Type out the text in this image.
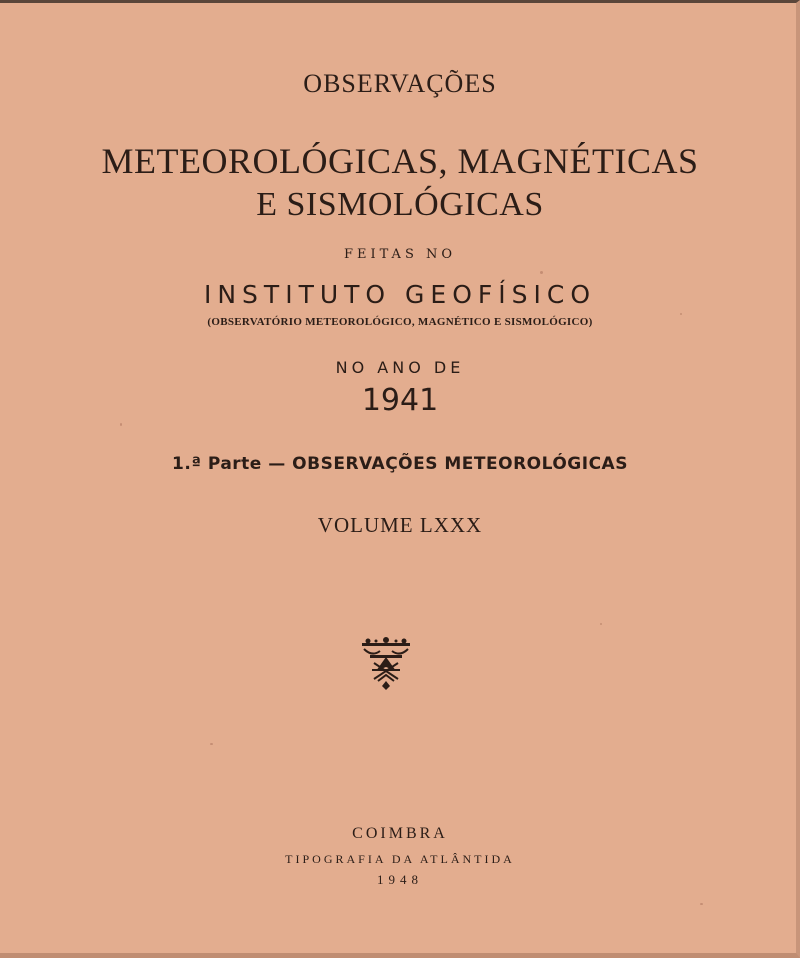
OBSERVAÇÕES
METEOROLÓGICAS, MAGNÉTICAS
E SISMOLÓGICAS
FEITAS NO
INSTITUTO GEOFÍSICO
(OBSERVATÓRIO METEOROLÓGICO, MAGNÉTICO E SISMOLÓGICO)
NO ANO DE
1941
1.ª Parte — OBSERVAÇÕES METEOROLÓGICAS
VOLUME LXXX
COIMBRA
TIPOGRAFIA DA ATLÂNTIDA
1948
